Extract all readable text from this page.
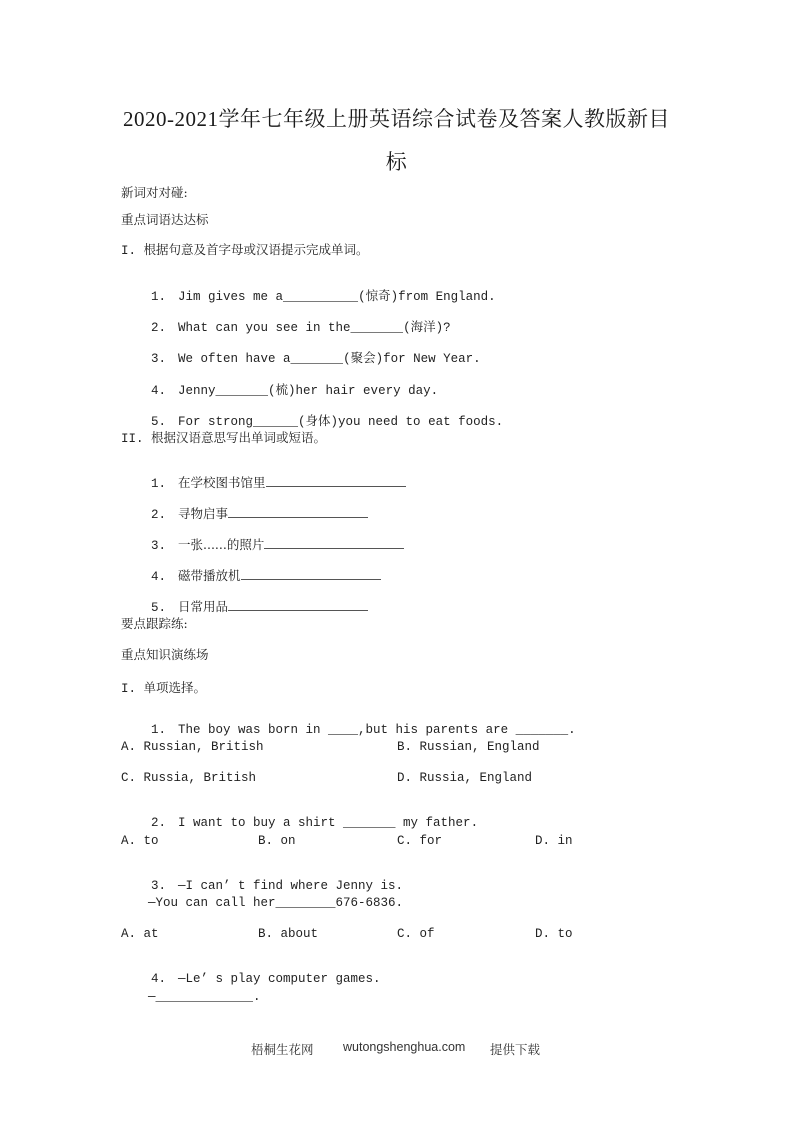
2020-2021学年七年级上册英语综合试卷及答案人教版新目
标
新词对对碰:
重点词语达达标
I. 根据句意及首字母或汉语提示完成单词。

1. Jim gives me a__________(惊奇)from England.

2. What can you see in the_______(海洋)?

3. We often have a_______(聚会)for New Year.

4. Jenny_______(梳)her hair every day.

5. For strong______(身体)you need to eat foods.

II. 根据汉语意思写出单词或短语。

1. 在学校图书馆里

2. 寻物启事

3. 一张......的照片

4. 磁带播放机

5. 日常用品

要点跟踪练:
重点知识演练场
I. 单项选择。

1. The boy was born in ____,but his parents are _______.

A. Russian, British	B. Russian, England
C. Russia, British	D. Russia, England

2. I want to buy a shirt _______ my father.

A. to	B. on	C. for	D. in

3. —I can’ t find where Jenny is.

—You can call her________676-6836.
A. at	B. about	C. of	D. to

4. —Le’ s play computer games.

—_____________.
梧桐生花网 wutongshenghua.com 提供下载
